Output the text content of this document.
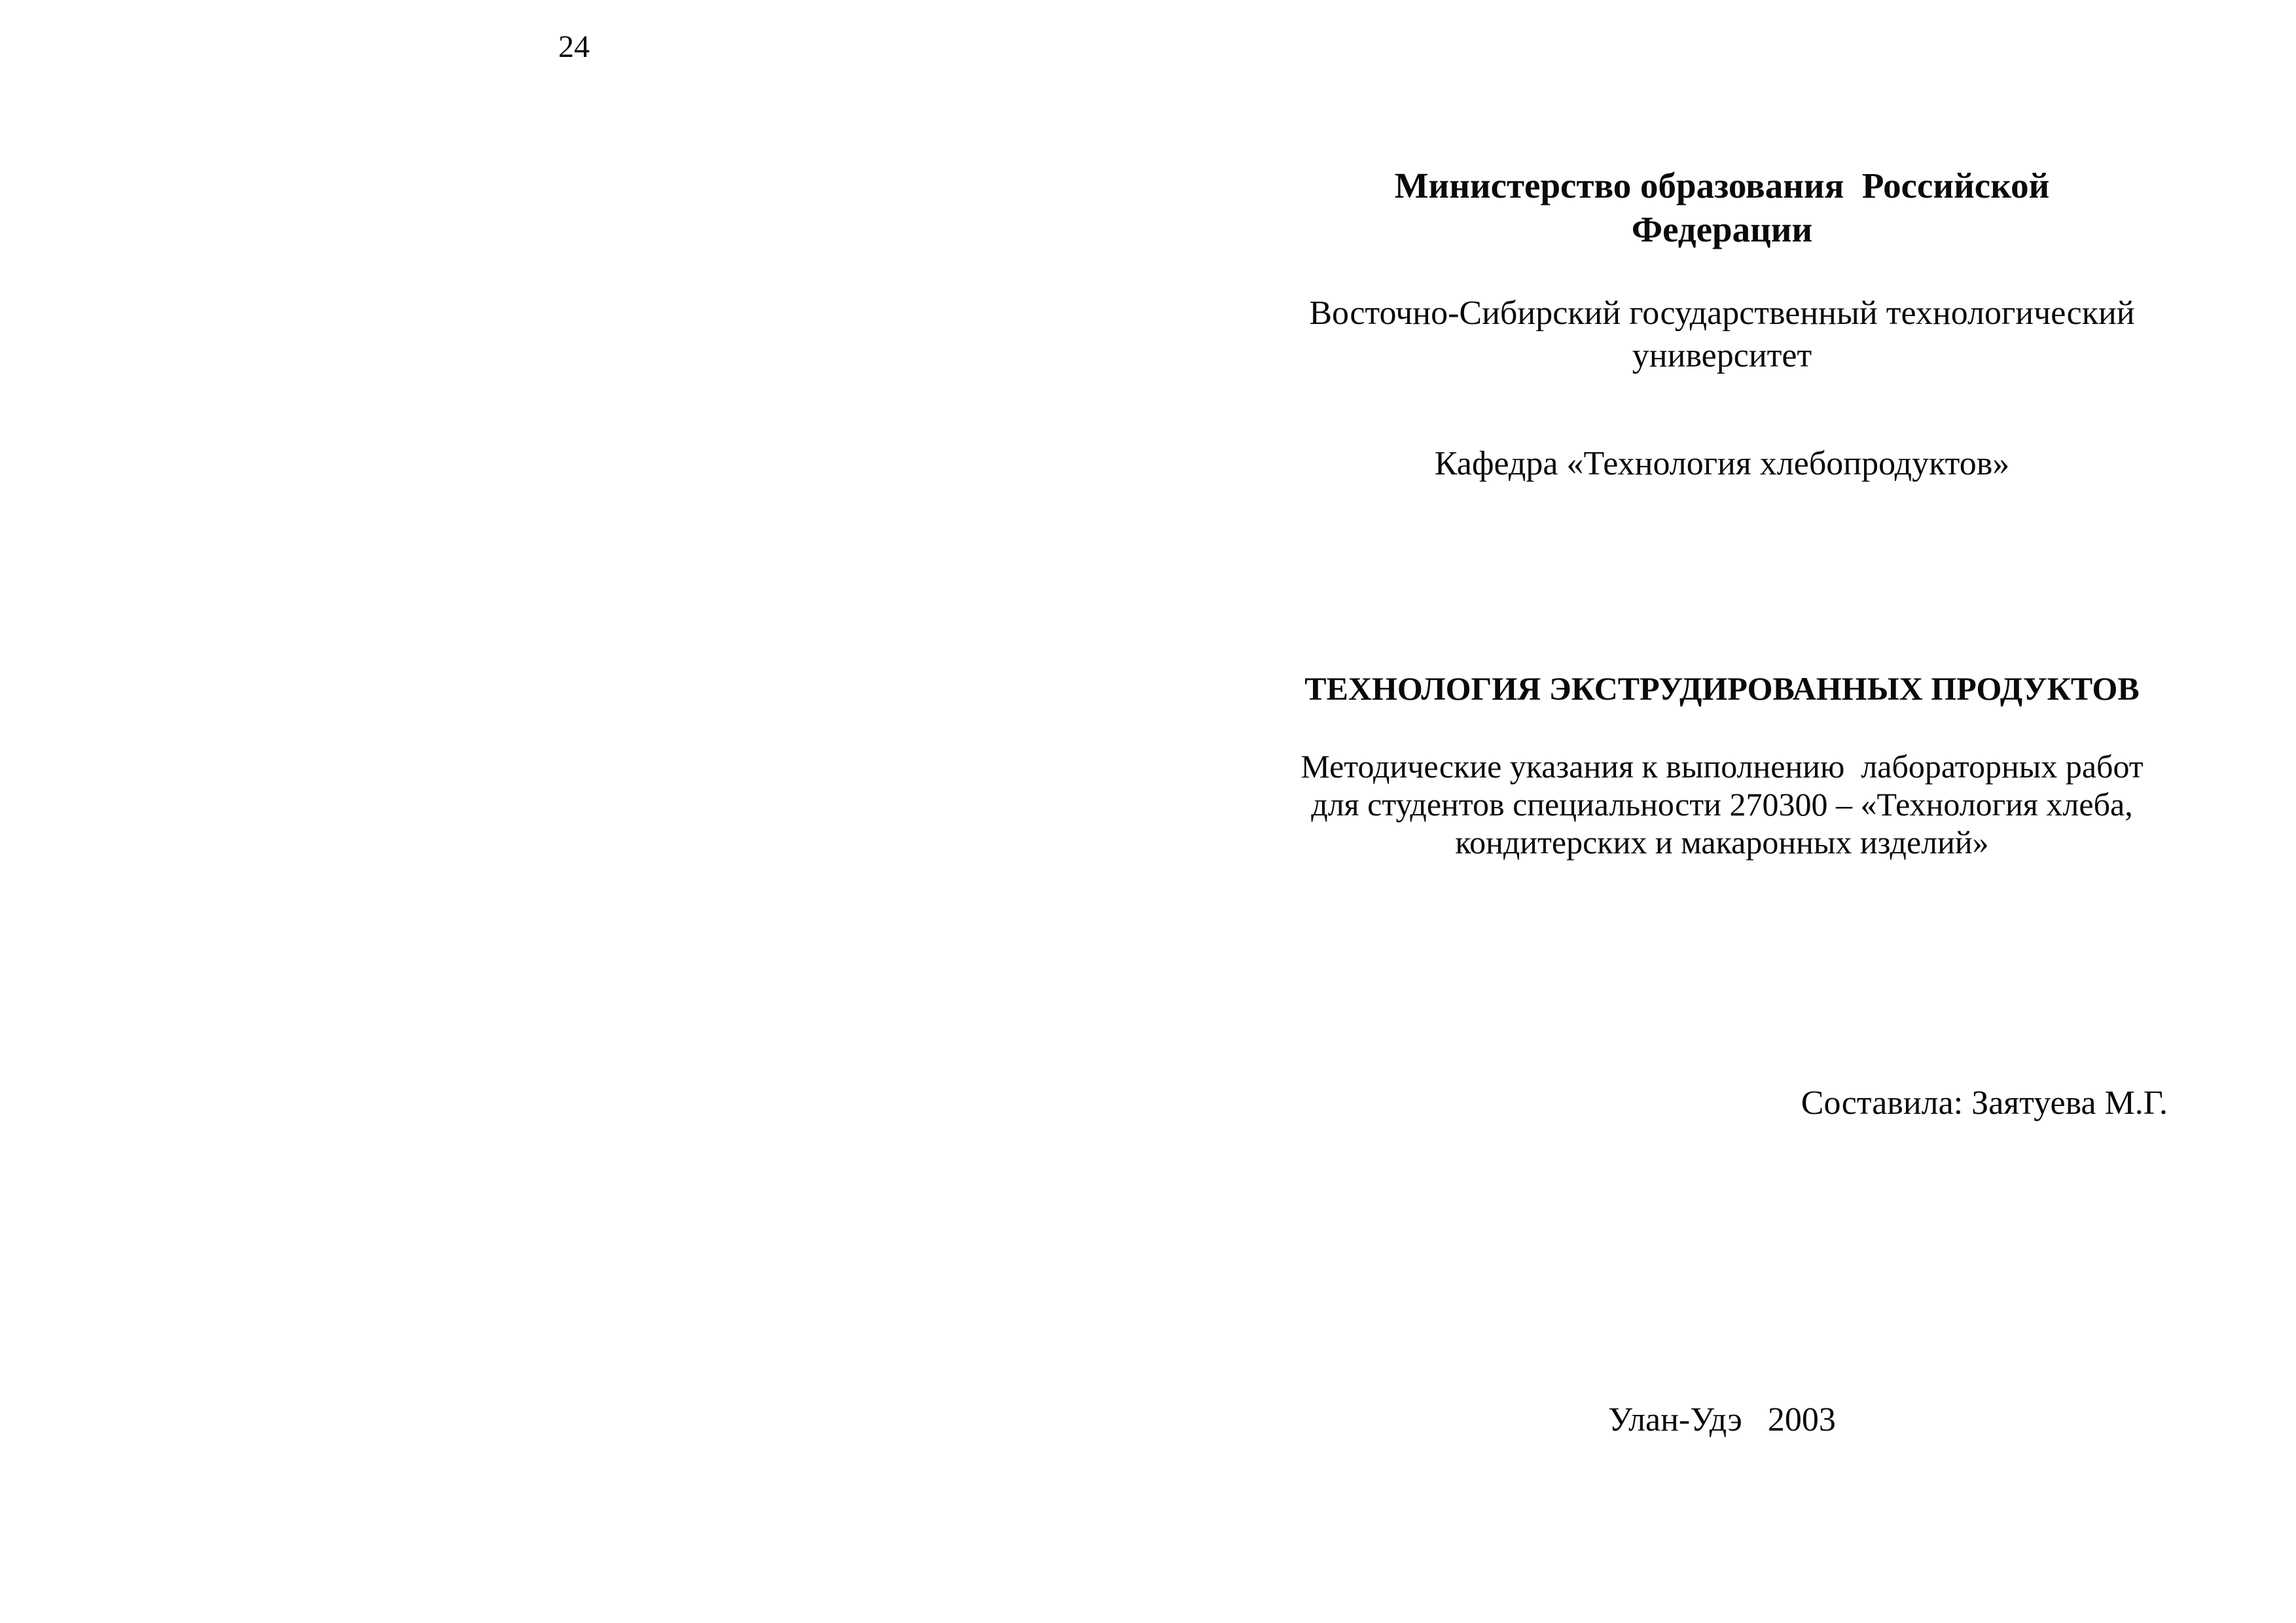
24
Министерство образования  Российской
Федерации
Восточно-Сибирский государственный технологический
университет
Кафедра «Технология хлебопродуктов»
ТЕХНОЛОГИЯ ЭКСТРУДИРОВАННЫХ ПРОДУКТОВ
Методические указания к выполнению  лабораторных работ
для студентов специальности 270300 – «Технология хлеба,
кондитерских и макаронных изделий»
Составила: Заятуева М.Г.
Улан-Удэ   2003
